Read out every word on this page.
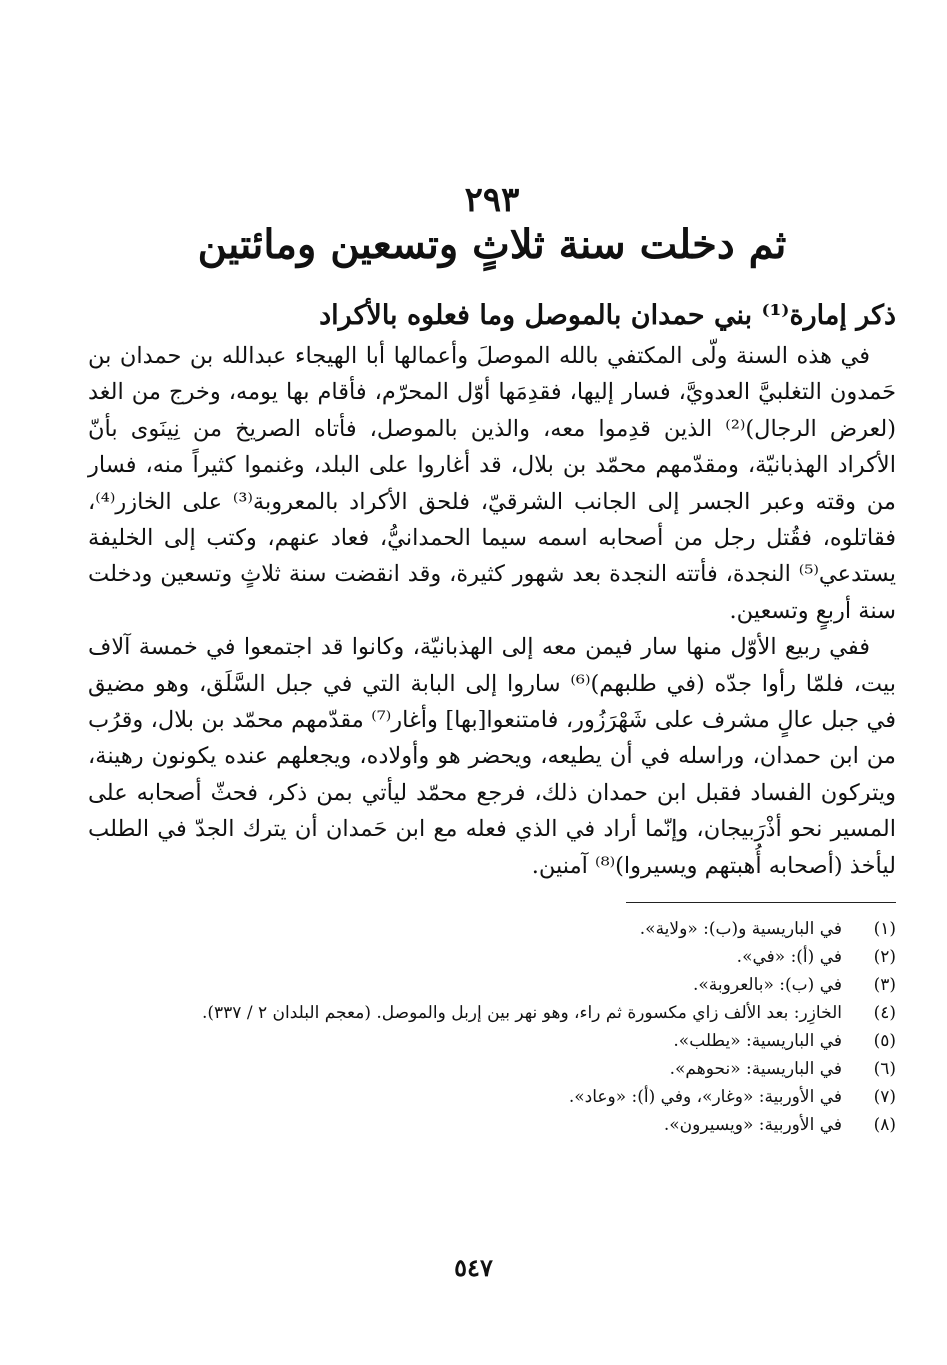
٢٩٣
ثم دخلت سنة ثلاثٍ وتسعين ومائتين
ذكر إمارة⁽¹⁾ بني حمدان بالموصل وما فعلوه بالأكراد

في هذه السنة ولّى المكتفي بالله الموصلَ وأعمالها أبا الهيجاء عبدالله بن حمدان بن حَمدون التغلبيَّ العدويَّ، فسار إليها، فقدِمَها أوّل المحرّم، فأقام بها يومه، وخرج من الغد (لعرض الرجال)⁽²⁾ الذين قدِموا معه، والذين بالموصل، فأتاه الصريخ من نِينَوى بأنّ الأكراد الهذبانيّة، ومقدّمهم محمّد بن بلال، قد أغاروا على البلد، وغنموا كثيراً منه، فسار من وقته وعبر الجسر إلى الجانب الشرقيّ، فلحق الأكراد بالمعروبة⁽³⁾ على الخازر⁽⁴⁾، فقاتلوه، فقُتل رجل من أصحابه اسمه سيما الحمدانيُّ، فعاد عنهم، وكتب إلى الخليفة يستدعي⁽⁵⁾ النجدة، فأتته النجدة بعد شهور كثيرة، وقد انقضت سنة ثلاثٍ وتسعين ودخلت سنة أربعٍ وتسعين.

ففي ربيع الأوّل منها سار فيمن معه إلى الهذبانيّة، وكانوا قد اجتمعوا في خمسة آلاف بيت، فلمّا رأوا جدّه (في طلبهم)⁽⁶⁾ ساروا إلى البابة التي في جبل السَّلَق، وهو مضيق في جبل عالٍ مشرف على شَهْرَزُور، فامتنعوا[بها] وأغار⁽⁷⁾ مقدّمهم محمّد بن بلال، وقرُب من ابن حمدان، وراسله في أن يطيعه، ويحضر هو وأولاده، ويجعلهم عنده يكونون رهينة، ويتركون الفساد فقبل ابن حمدان ذلك، فرجع محمّد ليأتي بمن ذكر، فحثّ أصحابه على المسير نحو أذْرَبيجان، وإنّما أراد في الذي فعله مع ابن حَمدان أن يترك الجدّ في الطلب ليأخذ (أصحابه أُهبتهم ويسيروا)⁽⁸⁾ آمنين.

(١)
في الباريسية و(ب): «ولاية».
(٢)
في (أ): «في».
(٣)
في (ب): «بالعروبة».
(٤)
الخازِر: بعد الألف زاي مكسورة ثم راء، وهو نهر بين إربل والموصل. (معجم البلدان ٢ / ٣٣٧).
(٥)
في الباريسية: «يطلب».
(٦)
في الباريسية: «نحوهم».
(٧)
في الأوربية: «وغار»، وفي (أ): «وعاد».
(٨)
في الأوربية: «ويسيرون».
٥٤٧
